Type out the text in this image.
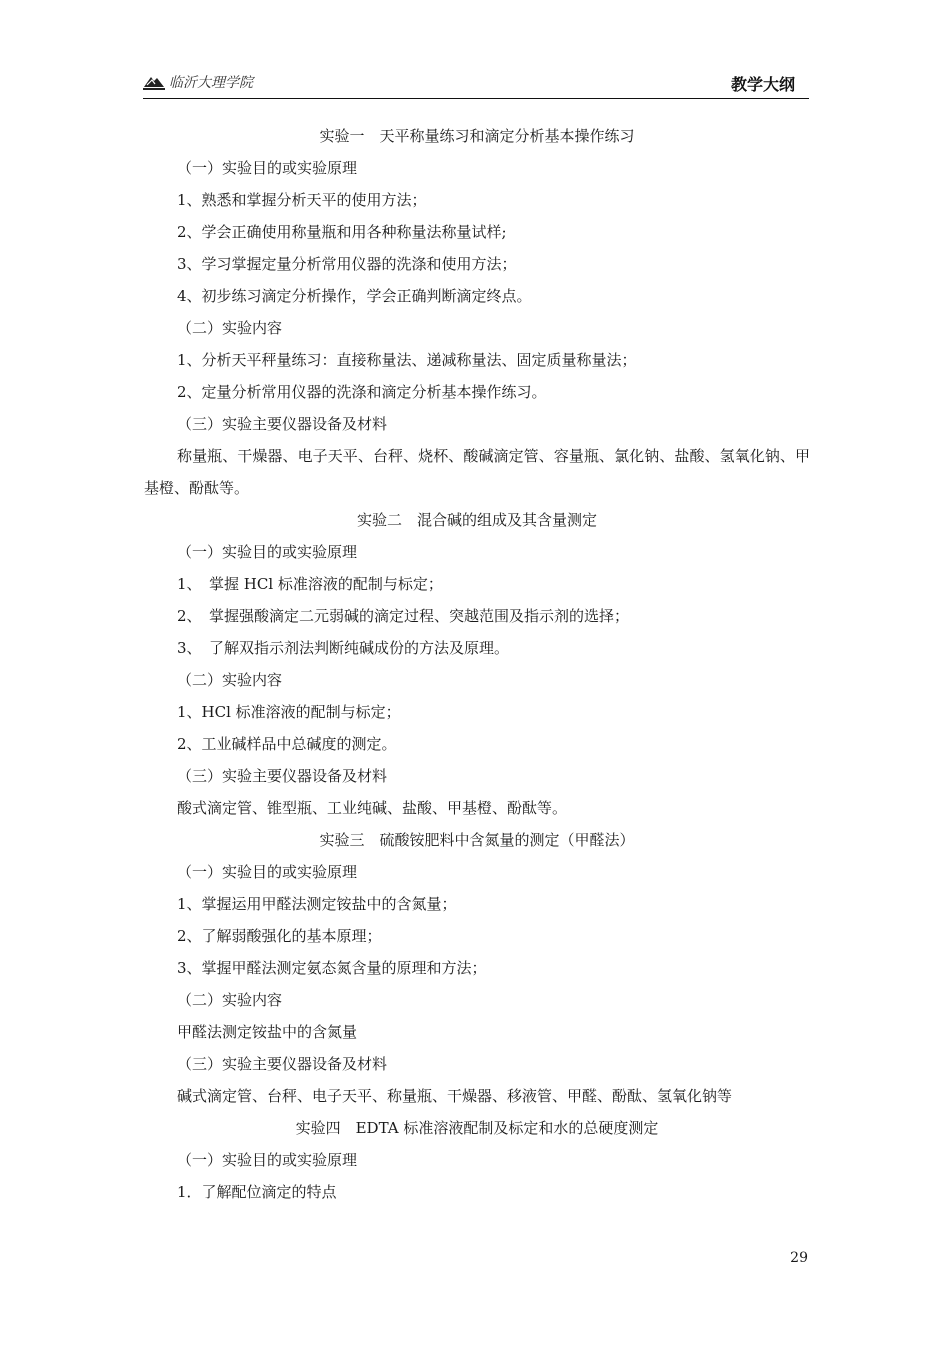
临沂大理学院	教学大纲
实验一　天平称量练习和滴定分析基本操作练习
（一）实验目的或实验原理
1、熟悉和掌握分析天平的使用方法；
2、学会正确使用称量瓶和用各种称量法称量试样;
3、学习掌握定量分析常用仪器的洗涤和使用方法；
4、初步练习滴定分析操作，学会正确判断滴定终点。
（二）实验内容
1、分析天平秤量练习：直接称量法、递减称量法、固定质量称量法；
2、定量分析常用仪器的洗涤和滴定分析基本操作练习。
（三）实验主要仪器设备及材料
称量瓶、干燥器、电子天平、台秤、烧杯、酸碱滴定管、容量瓶、氯化钠、盐酸、氢氧化钠、甲基橙、酚酞等。
实验二　混合碱的组成及其含量测定
（一）实验目的或实验原理
1、　掌握 HCl 标准溶液的配制与标定；
2、　掌握强酸滴定二元弱碱的滴定过程、突越范围及指示剂的选择；
3、　了解双指示剂法判断纯碱成份的方法及原理。
（二）实验内容
1、HCl 标准溶液的配制与标定；
2、工业碱样品中总碱度的测定。
（三）实验主要仪器设备及材料
酸式滴定管、锥型瓶、工业纯碱、盐酸、甲基橙、酚酞等。
实验三　硫酸铵肥料中含氮量的测定（甲醛法）
（一）实验目的或实验原理
1、掌握运用甲醛法测定铵盐中的含氮量；
2、了解弱酸强化的基本原理；
3、掌握甲醛法测定氨态氮含量的原理和方法；
（二）实验内容
甲醛法测定铵盐中的含氮量
（三）实验主要仪器设备及材料
碱式滴定管、台秤、电子天平、称量瓶、干燥器、移液管、甲醛、酚酞、氢氧化钠等
实验四　EDTA 标准溶液配制及标定和水的总硬度测定
（一）实验目的或实验原理
1．了解配位滴定的特点
29
